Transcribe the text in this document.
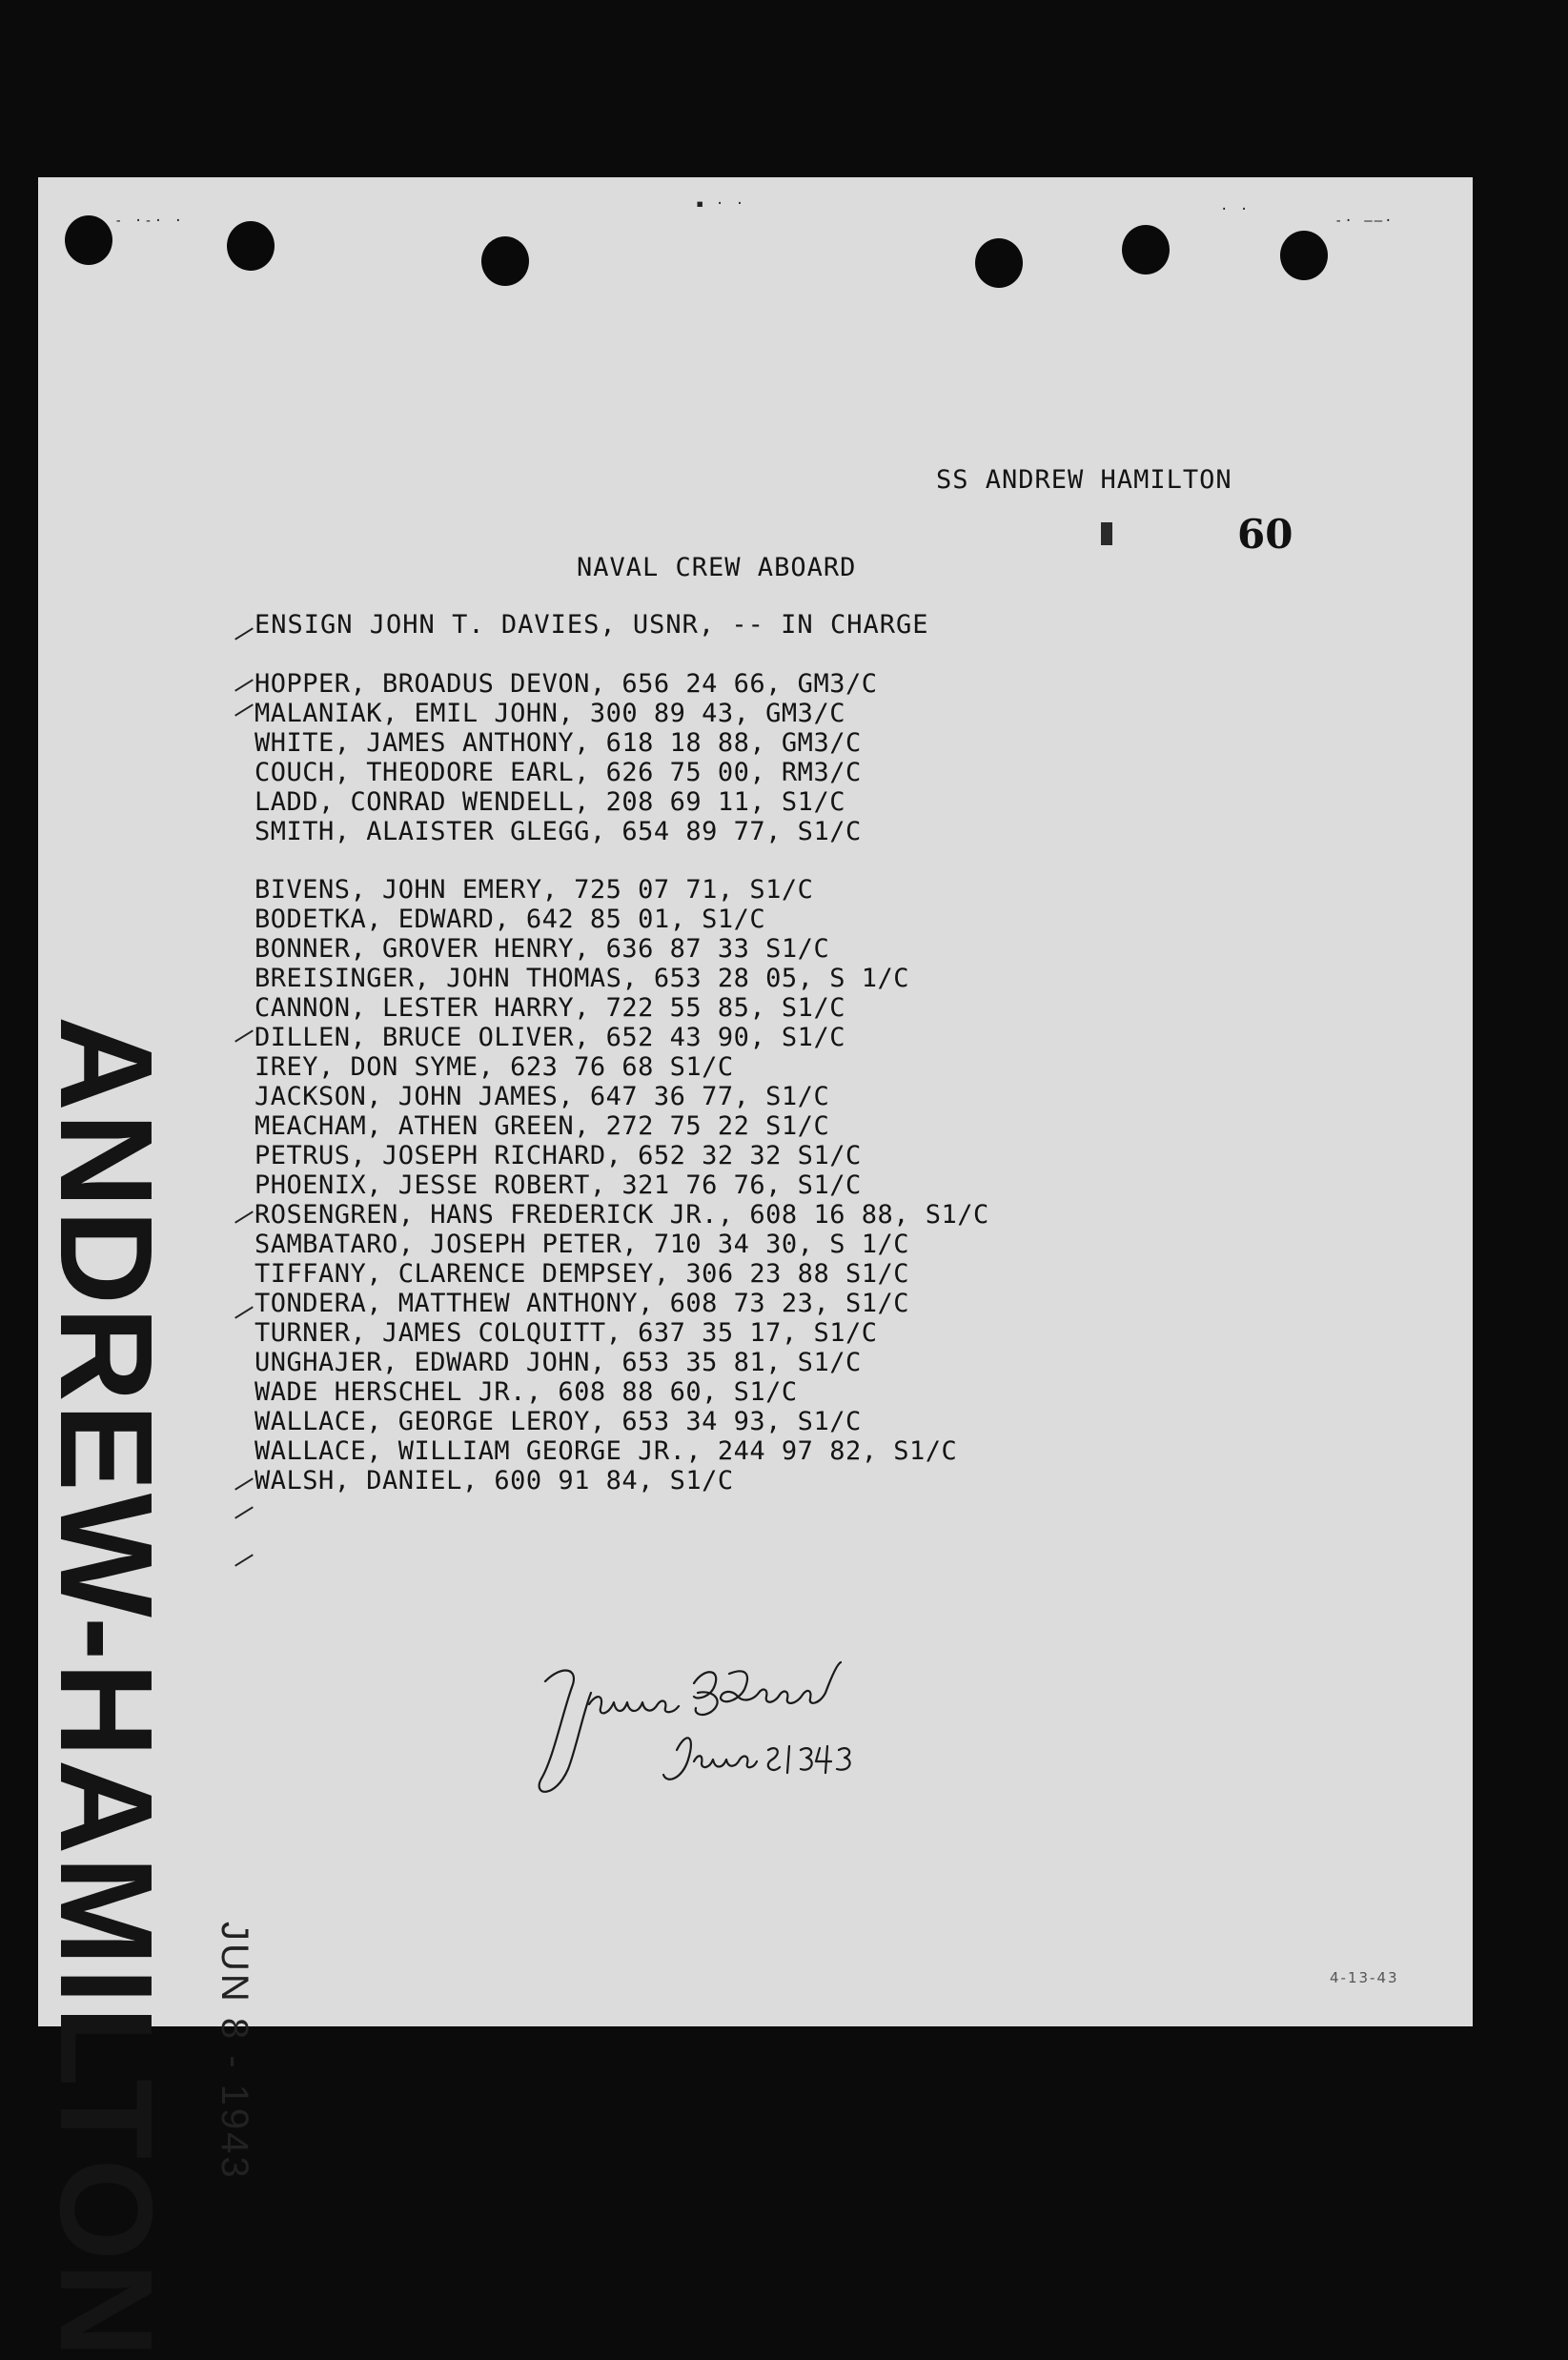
- ·-· ·
▪ · ·	· ·
-· ——·
SS ANDREW HAMILTON
60
NAVAL CREW ABOARD
ENSIGN JOHN T. DAVIES, USNR, -- IN CHARGE
HOPPER, BROADUS DEVON, 656 24 66, GM3/C
MALANIAK, EMIL JOHN, 300 89 43, GM3/C
WHITE, JAMES ANTHONY, 618 18 88, GM3/C
COUCH, THEODORE EARL, 626 75 00, RM3/C
LADD, CONRAD WENDELL, 208 69 11, S1/C
SMITH, ALAISTER GLEGG, 654 89 77, S1/C
BIVENS, JOHN EMERY, 725 07 71, S1/C
BODETKA, EDWARD, 642 85 01, S1/C
BONNER, GROVER HENRY, 636 87 33 S1/C
BREISINGER, JOHN THOMAS, 653 28 05, S 1/C
CANNON, LESTER HARRY, 722 55 85, S1/C
DILLEN, BRUCE OLIVER, 652 43 90, S1/C
IREY, DON SYME, 623 76 68 S1/C
JACKSON, JOHN JAMES, 647 36 77, S1/C
MEACHAM, ATHEN GREEN, 272 75 22 S1/C
PETRUS, JOSEPH RICHARD, 652 32 32 S1/C
PHOENIX, JESSE ROBERT, 321 76 76, S1/C
ROSENGREN, HANS FREDERICK JR., 608 16 88, S1/C
SAMBATARO, JOSEPH PETER, 710 34 30, S 1/C
TIFFANY, CLARENCE DEMPSEY, 306 23 88 S1/C
TONDERA, MATTHEW ANTHONY, 608 73 23, S1/C
TURNER, JAMES COLQUITT, 637 35 17, S1/C
UNGHAJER, EDWARD JOHN, 653 35 81, S1/C
WADE HERSCHEL JR., 608 88 60, S1/C
WALLACE, GEORGE LEROY, 653 34 93, S1/C
WALLACE, WILLIAM GEORGE JR., 244 97 82, S1/C
WALSH, DANIEL, 600 91 84, S1/C
ANDREW-HAMILTON JUN 8 - 1943	4-13-43
